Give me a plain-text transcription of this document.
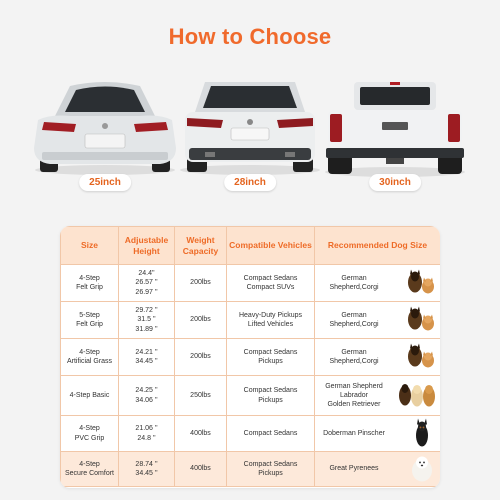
How to Choose
25inch	28inch	30inch
Size	Adjustable Height	Weight Capacity	Compatible Vehicles	Recommended Dog Size
4-Step
Felt Grip	24.4''
26.57 ''
26.97 ''	200lbs	Compact Sedans
Compact SUVs	German
Shepherd,Corgi

5-Step
Felt Grip	29.72 ''
31.5 ''
31.89 ''	200lbs	Heavy-Duty Pickups
Lifted Vehicles	German
Shepherd,Corgi

4-Step
Artificial Grass	24.21 ''
34.45 ''	200lbs	Compact Sedans
Pickups	German
Shepherd,Corgi

4-Step Basic	24.25 ''
34.06 ''	250lbs	Compact Sedans
Pickups	German Shepherd
Labrador
Golden Retriever

4-Step
PVC Grip	21.06 ''
24.8 ''	400lbs	Compact Sedans	Doberman Pinscher

4-Step
Secure Comfort	28.74 ''
34.45 ''	400lbs	Compact Sedans
Pickups	Great Pyrenees
